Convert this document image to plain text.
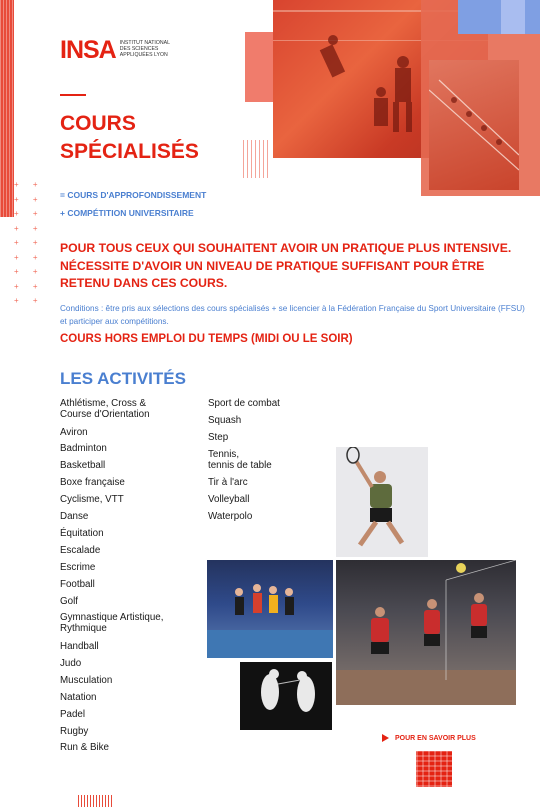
INSA INSTITUT NATIONAL DES SCIENCES APPLIQUÉES LYON
COURS
SPÉCIALISÉS
+ +
+ +
+ +
+ +
+ +
+ +
+ +
+ +
+ +
= COURS D'APPROFONDISSEMENT
+ COMPÉTITION UNIVERSITAIRE
POUR TOUS CEUX QUI SOUHAITENT AVOIR UN PRATIQUE PLUS INTENSIVE.
NÉCESSITE D'AVOIR UN NIVEAU DE PRATIQUE SUFFISANT POUR ÊTRE RETENU DANS CES COURS.
Conditions : être pris aux sélections des cours spécialisés + se licencier à la Fédération Française du Sport Universitaire (FFSU) et participer aux compétitions.
COURS HORS EMPLOI DU TEMPS (MIDI OU LE SOIR)
LES ACTIVITÉS
Athlétisme, Cross &
Course d'Orientation
Aviron
Badminton
Basketball
Boxe française
Cyclisme, VTT
Danse
Équitation
Escalade
Escrime
Football
Golf
Gymnastique Artistique,
Rythmique
Handball
Judo
Musculation
Natation
Padel
Rugby
Run & Bike
Sport de combat
Squash
Step
Tennis,
tennis de table
Tir à l'arc
Volleyball
Waterpolo
POUR EN SAVOIR PLUS
